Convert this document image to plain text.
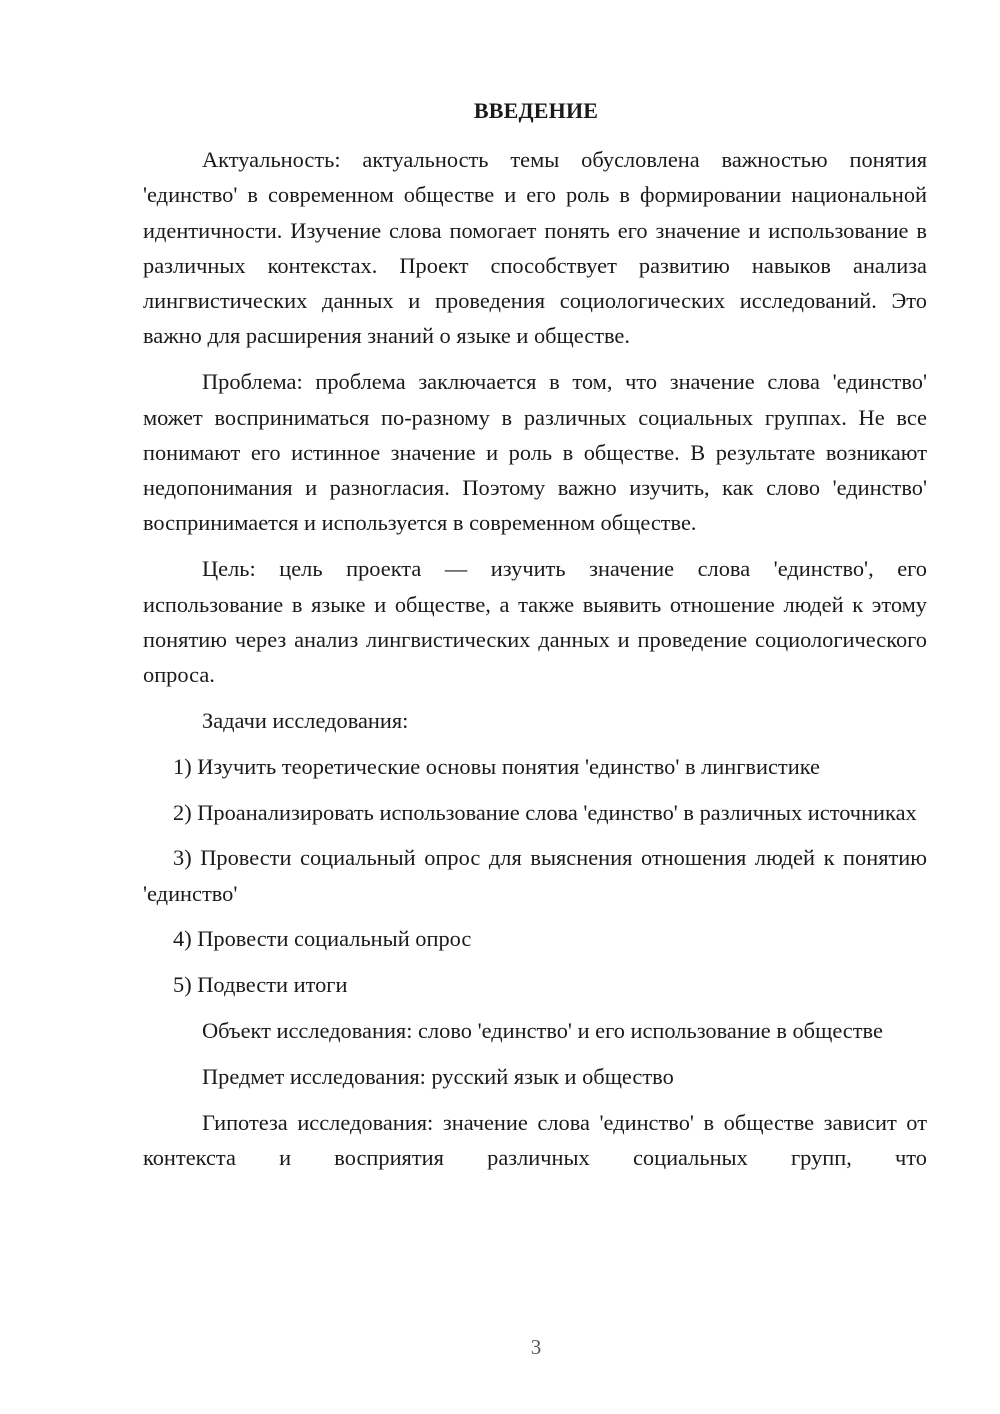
ВВЕДЕНИЕ

Актуальность: актуальность темы обусловлена важностью понятия 'единство' в современном обществе и его роль в формировании национальной идентичности. Изучение слова помогает понять его значение и использование в различных контекстах. Проект способствует развитию навыков анализа лингвистических данных и проведения социологических исследований. Это важно для расширения знаний о языке и обществе.

Проблема: проблема заключается в том, что значение слова 'единство' может восприниматься по-разному в различных социальных группах. Не все понимают его истинное значение и роль в обществе. В результате возникают недопонимания и разногласия. Поэтому важно изучить, как слово 'единство' воспринимается и используется в современном обществе.

Цель: цель проекта — изучить значение слова 'единство', его использование в языке и обществе, а также выявить отношение людей к этому понятию через анализ лингвистических данных и проведение социологического опроса.

Задачи исследования:

1) Изучить теоретические основы понятия 'единство' в лингвистике

2) Проанализировать использование слова 'единство' в различных источниках

3) Провести социальный опрос для выяснения отношения людей к понятию 'единство'

4) Провести социальный опрос

5) Подвести итоги

Объект исследования: слово 'единство' и его использование в обществе

Предмет исследования: русский язык и общество

Гипотеза исследования: значение слова 'единство' в обществе зависит от контекста и восприятия различных социальных групп, что

3
